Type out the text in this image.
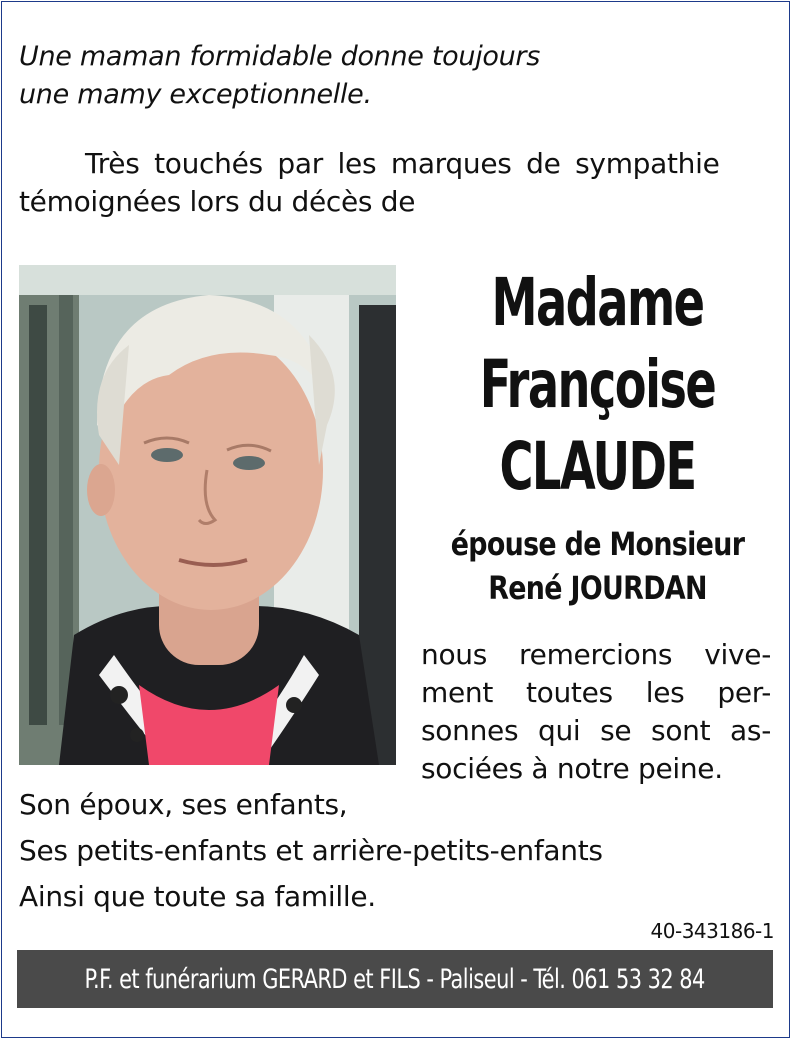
Une maman formidable donne toujours
une mamy exceptionnelle.
Très touchés par les marques de sympathie
témoignées lors du décès de
Madame
Françoise
CLAUDE
épouse de Monsieur
René JOURDAN
nous remercions vive-
ment toutes les per-
sonnes qui se sont as-
sociées à notre peine.
Son époux, ses enfants,
Ses petits-enfants et arrière-petits-enfants
Ainsi que toute sa famille.
40-343186-1
P.F. et funérarium GERARD et FILS - Paliseul - Tél. 061 53 32 84
